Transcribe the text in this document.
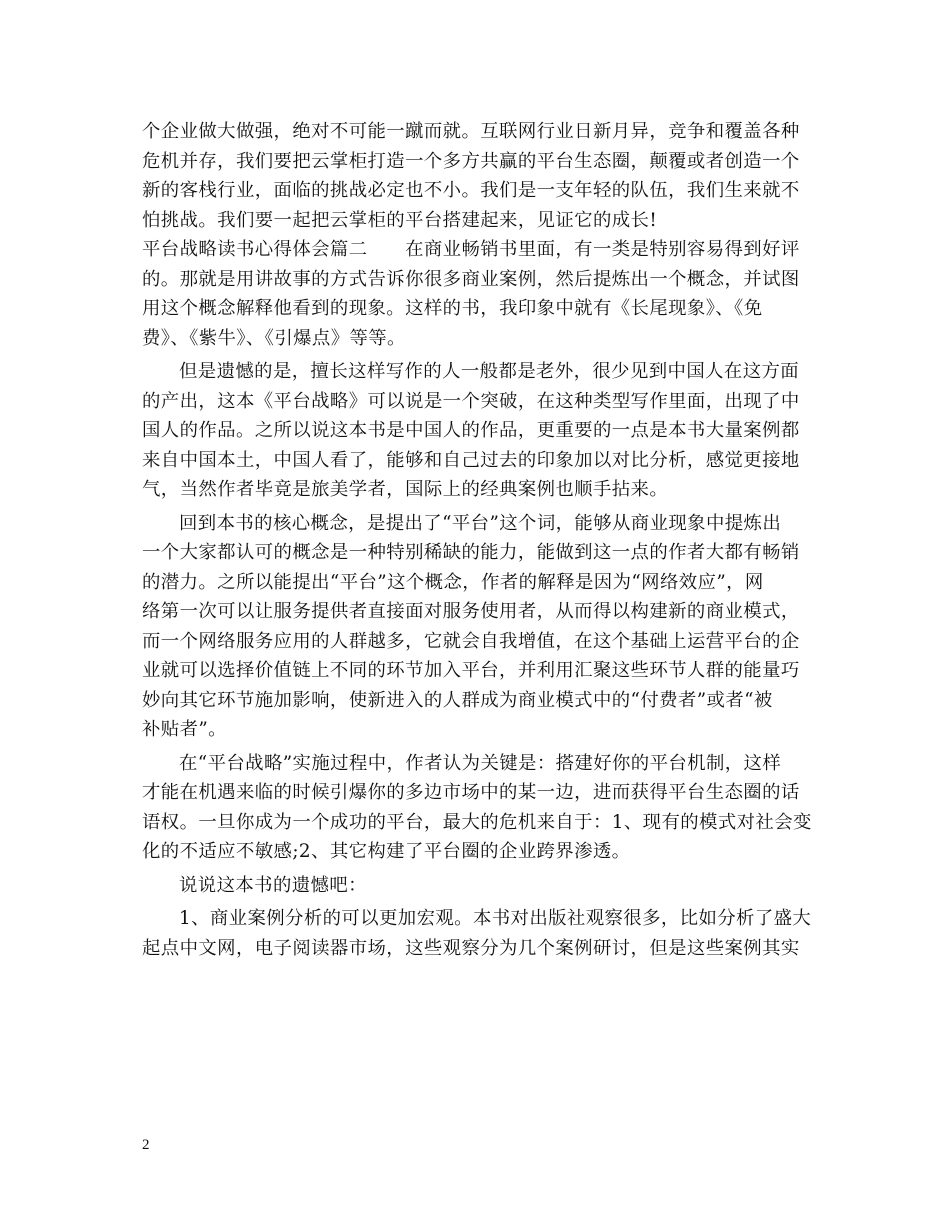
个企业做大做强，绝对不可能一蹴而就。互联网行业日新月异，竞争和覆盖各种
危机并存，我们要把云掌柜打造一个多方共赢的平台生态圈，颠覆或者创造一个
新的客栈行业，面临的挑战必定也不小。我们是一支年轻的队伍，我们生来就不
怕挑战。我们要一起把云掌柜的平台搭建起来，见证它的成长!
平台战略读书心得体会篇二　　在商业畅销书里面，有一类是特别容易得到好评
的。那就是用讲故事的方式告诉你很多商业案例，然后提炼出一个概念，并试图
用这个概念解释他看到的现象。这样的书，我印象中就有《长尾现象》、《免
费》、《紫牛》、《引爆点》等等。
但是遗憾的是，擅长这样写作的人一般都是老外，很少见到中国人在这方面
的产出，这本《平台战略》可以说是一个突破，在这种类型写作里面，出现了中
国人的作品。之所以说这本书是中国人的作品，更重要的一点是本书大量案例都
来自中国本土，中国人看了，能够和自己过去的印象加以对比分析，感觉更接地
气，当然作者毕竟是旅美学者，国际上的经典案例也顺手拈来。
回到本书的核心概念，是提出了“平台”这个词，能够从商业现象中提炼出
一个大家都认可的概念是一种特别稀缺的能力，能做到这一点的作者大都有畅销
的潜力。之所以能提出“平台”这个概念，作者的解释是因为“网络效应”，网
络第一次可以让服务提供者直接面对服务使用者，从而得以构建新的商业模式，
而一个网络服务应用的人群越多，它就会自我增值，在这个基础上运营平台的企
业就可以选择价值链上不同的环节加入平台，并利用汇聚这些环节人群的能量巧
妙向其它环节施加影响，使新进入的人群成为商业模式中的“付费者”或者“被
补贴者”。
在“平台战略”实施过程中，作者认为关键是：搭建好你的平台机制，这样
才能在机遇来临的时候引爆你的多边市场中的某一边，进而获得平台生态圈的话
语权。一旦你成为一个成功的平台，最大的危机来自于：1、现有的模式对社会变
化的不适应不敏感;2、其它构建了平台圈的企业跨界渗透。
说说这本书的遗憾吧：
1、商业案例分析的可以更加宏观。本书对出版社观察很多，比如分析了盛大
起点中文网，电子阅读器市场，这些观察分为几个案例研讨，但是这些案例其实
2
